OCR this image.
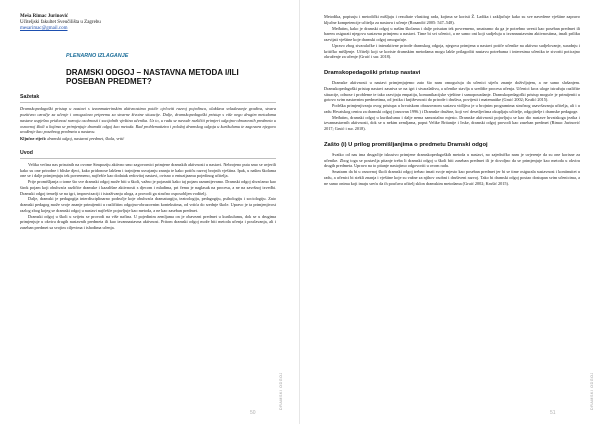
Meša Rimac Jurinović
Učiteljski fakultet Sveučilišta u Zagrebu
mesarimac@gmail.com
PLENARNO IZLAGANJE
DRAMSKI ODGOJ – NASTAVNA METODA I/ILI POSEBAN PREDMET?
Sažetak

Dramskopedagoški pristup u nastavi s izvanmaterinskim aktivnostima potiče cjeloviti razvoj pojedinca, olakšava svladavanje gradiva, stvara pozitivno ozračje za učenje i omogućava pripremu za stvarne životne situacije. Dalje, dramskopedagoški pristup s više nego drugim metodama nastave uspješno pridonosi razvoju osobnosti i socijalnih vještina učenika. Uz to, u radu se navode različiti primjeri odgojno-obrazovnih predmeta u osnovnoj školi u kojima se primjenjuje dramski odgoj kao metoda. Rad problematizira i položaj dramskog odgoja u kurikulumu te zagovara njegovo uvođenje kao posebnog predmeta u nastavu.

Ključne riječi: dramski odgoj, nastavni predmet, škola, vrtić

Uvod

Velika većina nas prisutnih na ovome Simpoziju aktivno smo zagovornici primjene dramskih aktivnosti u nastavi. Nebrojeno puta smo se uvjerili kako su one prirodne i bliske djeci, kako pridonose lakšem i trajnijem usvajanju znanja te kako potiču razvoj brojnih vještina. Ipak, u našim školama one se i dalje primjenjuju tek povremeno, najčešće kao dodatak redovitoj nastavi, ovisno o entuzijazmu pojedinog učitelja.

Prije promišljanja o tome što sve dramski odgoj može biti u školi, važno je pojasniti kako taj pojam razumijevamo. Dramski odgoj shvaćamo kao širok pojam koji obuhvaća različite dramske i kazališne aktivnosti s djecom i mladima, pri čemu je naglasak na procesu, a ne na završnoj izvedbi. Dramski odgoj temelji se na igri, improvizaciji i istraživanju uloga, a provodi ga stručno osposobljen voditelj.

Dalje, dramski je pedagogija interdisciplinarno područje koje obuhvaća dramaturgiju, teatrologiju, pedagogiju, psihologiju i sociologiju. Zato dramski pedagog može svoje znanje primijeniti u različitim odgojno-obrazovnim kontekstima, od vrtića do srednje škole. Upravo je ta primjenjivost razlog zbog kojeg se dramski odgoj u nastavi najčešće pojavljuje kao metoda, a ne kao zaseban predmet.

Dramski odgoj u školi u svijetu se provodi na više načina. U pojedinim zemljama on je obavezni predmet u kurikulumu, dok se u drugima primjenjuje u okviru drugih nastavnih predmeta ili kao izvannastavna aktivnost. Pritom dramski odgoj može biti metoda učenja i poučavanja, ali i zaseban predmet sa svojim ciljevima i ishodima učenja.

50
DRAMSKI ODGOJ

Metodika, popisuju i metodički mišljaju i rezultate vlastitog rada, kojima se koristi Ž. Ladika i zaključuje kako su sve navedene vještine zapravo ključne kompetencije učitelja za nastavu i učenje (Rosandić 2005: 547–548).

Međutim, kako je dramski odgoj u našim školama i dalje prisutan tek povremeno, smatramo da ga je potrebno uvesti kao poseban predmet ili barem osigurati njegovu sustavnu primjenu u nastavi. Time bi svi učenici, a ne samo oni koji sudjeluju u izvannastavnim aktivnostima, imali priliku razvijati vještine koje dramski odgoj omogućuje.

Upravo zbog stvaralačke i interaktivne prirode dramskog odgoja, njegova primjena u nastavi potiče učenike na aktivno sudjelovanje, suradnju i kritičko mišljenje. Učitelji koji se koriste dramskim metodama mogu lakše prilagoditi nastavu potrebama i interesima učenika te stvoriti poticajno okruženje za učenje (Gruić i sur. 2018).

Dramskopedagoški pristup nastavi

Dramske aktivnosti u nastavi primjenjujemo zato što nam omogućuju da učenici stječu znanje doživljajem, a ne samo slušanjem. Dramskopedagoški pristup nastavi zasniva se na igri i stvaralaštvu, a učenike stavlja u središte procesa učenja. Učenici kroz uloge istražuju različite situacije, odnose i probleme te tako razvijaju empatiju, komunikacijske vještine i samopouzdanje. Dramskopedagoški pristup moguće je primijeniti u gotovo svim nastavnim predmetima, od jezika i književnosti do prirode i društva, povijesti i matematike (Gruić 2002; Krušić 2015).

Podrška primjenjivanja ovog pristupa u hrvatskom obrazovnom sustavu vidljiva je u brojnim programima stručnog usavršavanja učitelja, ali i u radu Hrvatskog centra za dramski odgoj (osnovan 1996.) i Dramske družine, koji već desetljećima okupljaju učitelje, odgojitelje i dramske pedagoge.

Međutim, dramski odgoj u kurikulumu i dalje nema samostalno mjesto. Dramske aktivnosti pojavljuju se kao dio nastave hrvatskoga jezika i izvannastavnih aktivnosti, dok se u nekim zemljama, poput Velike Britanije i Irske, dramski odgoj provodi kao zaseban predmet (Rimac Jurinović 2017; Gruić i sur. 2018).

Zašto (i) U prilog promišljanjima o predmetu Dramski odgoj

Svatko od nas ima drugačije iskustvo primjene dramskopedagoških metoda u nastavi, no zajedničko nam je uvjerenje da su one korisne za učenike. Zbog toga se postavlja pitanje treba li dramski odgoj u školi biti zaseban predmet ili je dovoljno da se primjenjuje kao metoda u okviru drugih predmeta. Upravo na to pitanje nastojimo odgovoriti u ovom radu.

Smatram da bi u osnovnoj školi dramski odgoj trebao imati svoje mjesto kao poseban predmet jer bi se time osigurala sustavnost i kontinuitet u radu, a učenici bi stekli znanja i vještine koje su važne za njihov osobni i društveni razvoj. Tako bi dramski odgoj postao dostupan svim učenicima, a ne samo onima koji imaju sreću da ih poučava učitelj sklon dramskim metodama (Gruić 2002; Krušić 2015).

51
DRAMSKI ODGOJ
